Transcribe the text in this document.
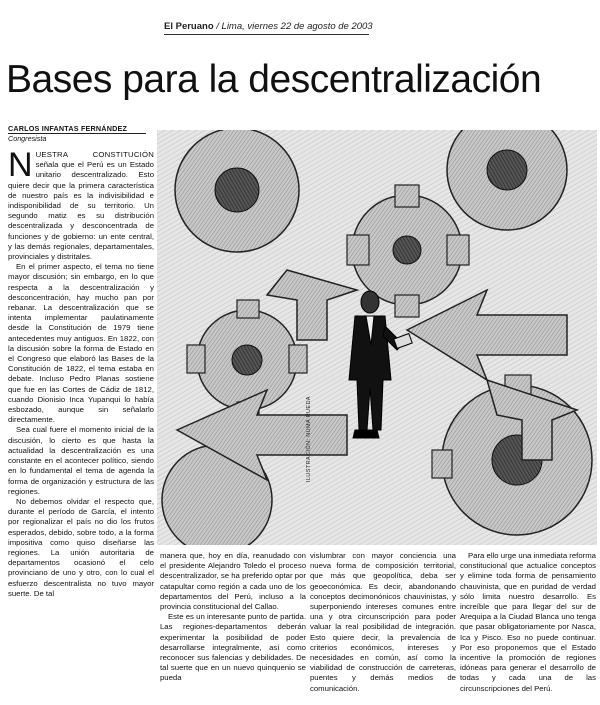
El Peruano / Lima, viernes 22 de agosto de 2003
Bases para la descentralización
CARLOS INFANTAS FERNÁNDEZ
Congresista

NUESTRA CONSTITUCIÓN señala que el Perú es un Estado unitario descentralizado. Esto quiere decir que la primera característica de nuestro país es la indivisibilidad e indisponibilidad de su territorio. Un segundo matiz es su distribución descentralizada y desconcentrada de funciones y de gobierno: un ente central, y las demás regionales, departamentales, provinciales y distritales.

En el primer aspecto, el tema no tiene mayor discusión; sin embargo, en lo que respecta a la descentralización y desconcentración, hay mucho pan por rebanar. La descentralización que se intenta implementar paulatinamente desde la Constitución de 1979 tiene antecedentes muy antiguos. En 1822, con la discusión sobre la forma de Estado en el Congreso que elaboró las Bases de la Constitución de 1822, el tema estaba en debate. Incluso Pedro Planas sostiene que fue en las Cortes de Cádiz de 1812, cuando Dionisio Inca Yupanqui lo había esbozado, aunque sin señalarlo directamente.

Sea cual fuere el momento inicial de la discusión, lo cierto es que hasta la actualidad la descentralización es una constante en el acontecer político, siendo en lo fundamental el tema de agenda la forma de organización y estructura de las regiones.

No debemos olvidar el respecto que, durante el período de García, el intento por regionalizar el país no dio los frutos esperados, debido, sobre todo, a la forma impositiva como quiso diseñarse las regiones. La unión autoritaria de departamentos ocasionó el celo provinciano de uno y otro, con lo cual el esfuerzo descentralista no tuvo mayor suerte. De tal

ILUSTRACIÓN: NUMA RUEDA

manera que, hoy en día, reanudado con el presidente Alejandro Toledo el proceso descentralizador, se ha preferido optar por catapultar como región a cada uno de los departamentos del Perú, incluso a la provincia constitucional del Callao.

Este es un interesante punto de partida. Las regiones-departamentos deberán experimentar la posibilidad de poder desarrollarse integralmente, así como reconocer sus falencias y debilidades. De tal suerte que en un nuevo quinquenio se pueda

vislumbrar con mayor conciencia una nueva forma de composición territorial, que más que geopolítica, deba ser geoeconómica. Es decir, abandonando conceptos decimonónicos chauvinistas, y superponiendo intereses comunes entre una y otra circunscripción para poder valuar la real posibilidad de integración. Esto quiere decir, la prevalencia de criterios económicos, intereses y necesidades en común, así como la viabilidad de construcción de carreteras, puentes y demás medios de comunicación.

Para ello urge una inmediata reforma constitucional que actualice conceptos y elimine toda forma de pensamiento chauvinista, que en puridad de verdad sólo limita nuestro desarrollo. Es increíble que para llegar del sur de Arequipa a la Ciudad Blanca uno tenga que pasar obligatoriamente por Nasca, Ica y Pisco. Eso no puede continuar. Por eso proponemos que el Estado incentive la promoción de regiones idóneas para generar el desarrollo de todas y cada una de las circunscripciones del Perú.
